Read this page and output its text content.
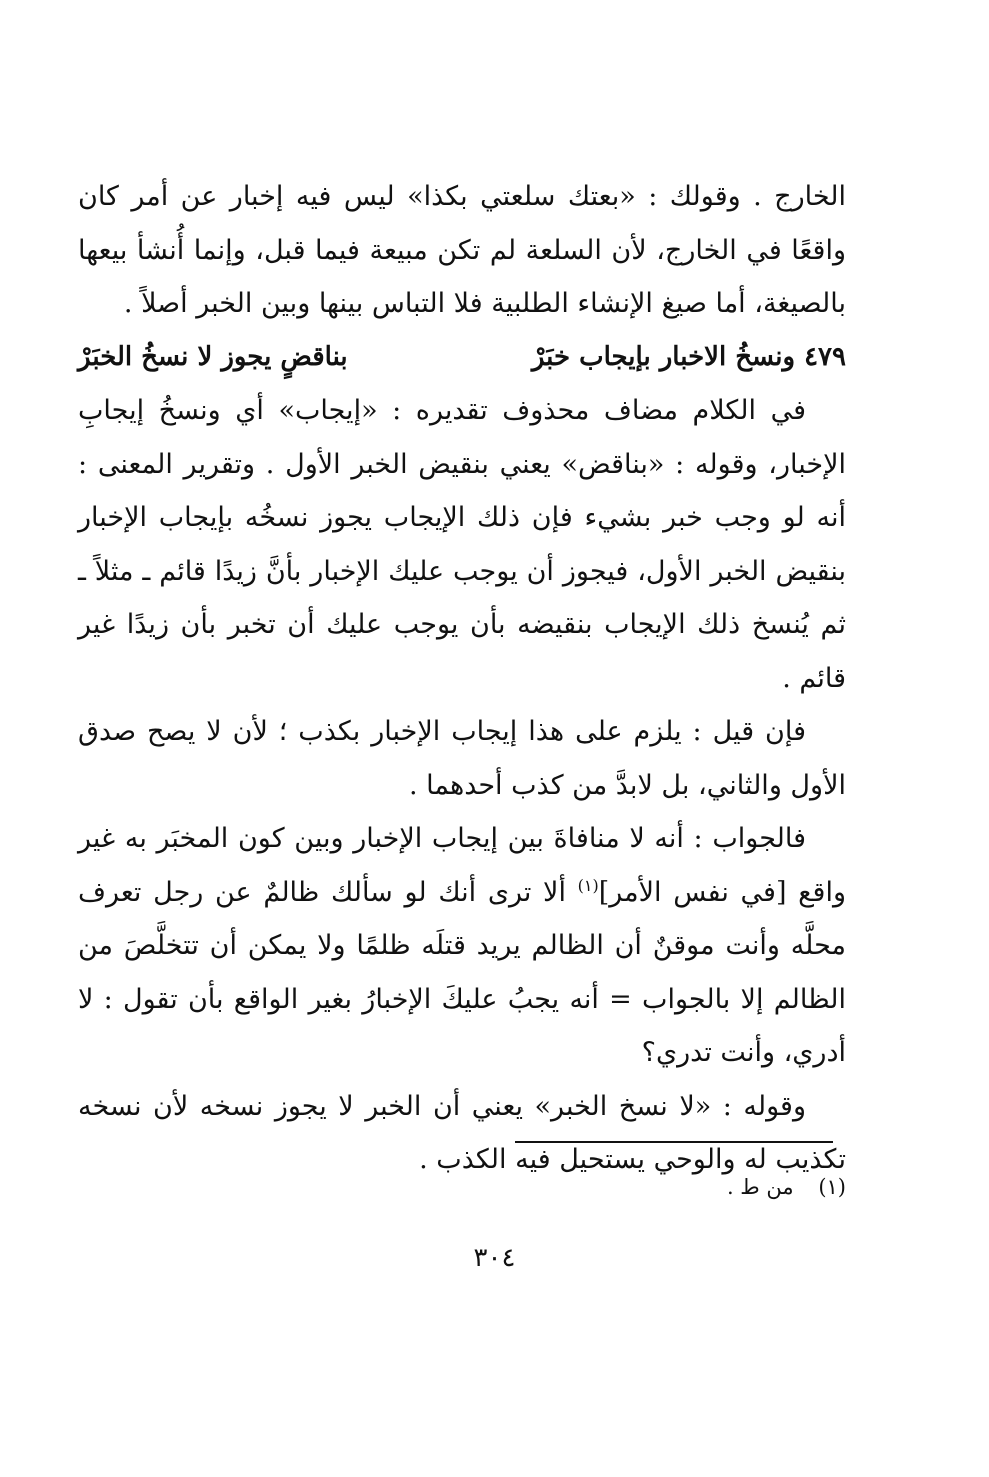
الخارج . وقولك : «بعتك سلعتي بكذا» ليس فيه إخبار عن أمر كان واقعًا في الخارج، لأن السلعة لم تكن مبيعة فيما قبل، وإنما أُنشأ بيعها بالصيغة، أما صيغ الإنشاء الطلبية فلا التباس بينها وبين الخبر أصلاً .

٤٧٩ ونسخُ الاخبار بإيجاب خبَرْ
بناقضٍ يجوز لا نسخُ الخبَرْ

في الكلام مضاف محذوف تقديره : «إيجاب» أي ونسخُ إيجابِ الإخبار، وقوله : «بناقض» يعني بنقيض الخبر الأول . وتقرير المعنى : أنه لو وجب خبر بشيء فإن ذلك الإيجاب يجوز نسخُه بإيجاب الإخبار بنقيض الخبر الأول، فيجوز أن يوجب عليك الإخبار بأنَّ زيدًا قائم ـ مثلاً ـ ثم يُنسخ ذلك الإيجاب بنقيضه بأن يوجب عليك أن تخبر بأن زيدًا غير قائم .

فإن قيل : يلزم على هذا إيجاب الإخبار بكذب ؛ لأن لا يصح صدق الأول والثاني، بل لابدَّ من كذب أحدهما .

فالجواب : أنه لا منافاةَ بين إيجاب الإخبار وبين كون المخبَر به غير واقع [في نفس الأمر]$^{(١)}$ ألا ترى أنك لو سألك ظالمٌ عن رجل تعرف محلَّه وأنت موقنٌ أن الظالم يريد قتلَه ظلمًا ولا يمكن أن تتخلَّصَ من الظالم إلا بالجواب = أنه يجبُ عليكَ الإخبارُ بغير الواقع بأن تقول : لا أدري، وأنت تدري؟

وقوله : «لا نسخ الخبر» يعني أن الخبر لا يجوز نسخه لأن نسخه تكذيب له والوحي يستحيل فيه الكذب .

(١) من ط .
٣٠٤
